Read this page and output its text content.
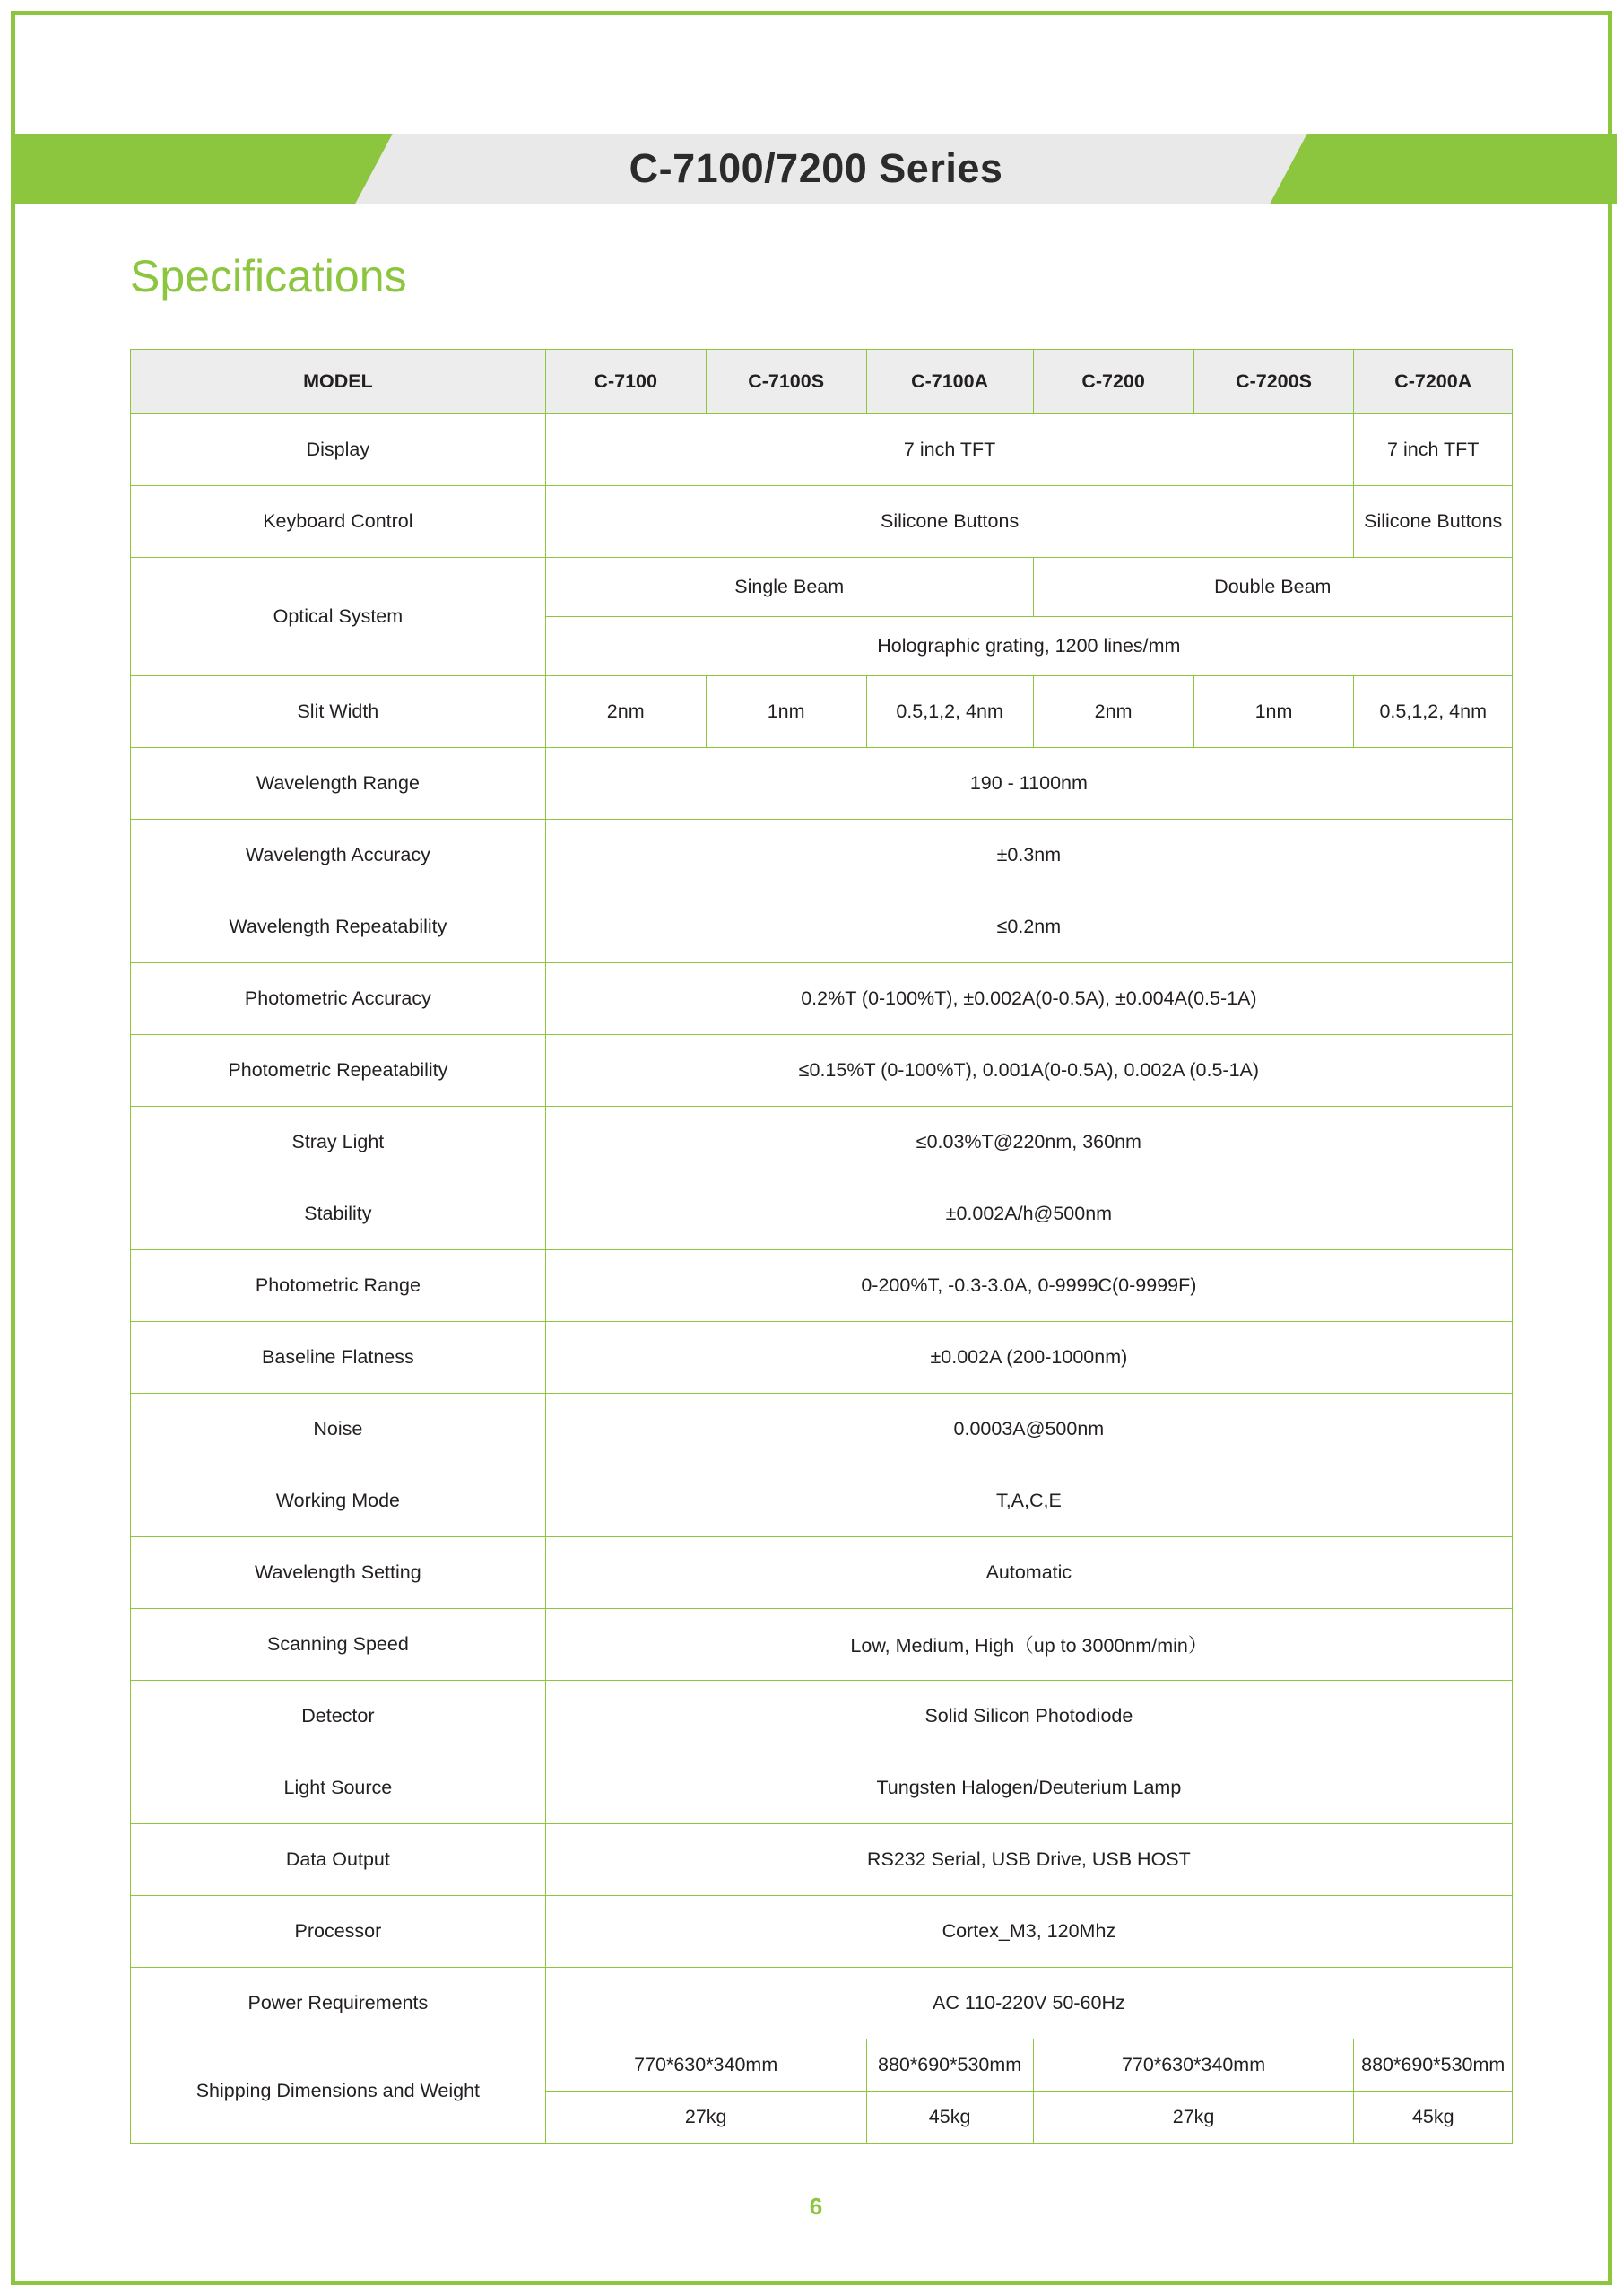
C-7100/7200 Series
Specifications
MODEL	C-7100	C-7100S	C-7100A	C-7200	C-7200S	C-7200A
Display	7 inch TFT					7 inch TFT
Keyboard Control	Silicone Buttons					Silicone Buttons
Optical System	Single Beam			Double Beam		
	Holographic grating, 1200 lines/mm					
Slit Width	2nm	1nm	0.5,1,2, 4nm	2nm	1nm	0.5,1,2, 4nm
Wavelength Range	190 - 1100nm					
Wavelength Accuracy	±0.3nm					
Wavelength Repeatability	≤0.2nm					
Photometric Accuracy	0.2%T (0-100%T), ±0.002A(0-0.5A), ±0.004A(0.5-1A)					
Photometric Repeatability	≤0.15%T (0-100%T), 0.001A(0-0.5A), 0.002A (0.5-1A)					
Stray Light	≤0.03%T@220nm, 360nm					
Stability	±0.002A/h@500nm					
Photometric Range	0-200%T, -0.3-3.0A, 0-9999C(0-9999F)					
Baseline Flatness	±0.002A (200-1000nm)					
Noise	0.0003A@500nm					
Working Mode	T,A,C,E					
Wavelength Setting	Automatic					
Scanning Speed	Low, Medium, High（up to 3000nm/min）					
Detector	Solid Silicon Photodiode					
Light Source	Tungsten Halogen/Deuterium Lamp					
Data Output	RS232 Serial, USB Drive, USB HOST					
Processor	Cortex_M3, 120Mhz					
Power Requirements	AC 110-220V 50-60Hz					
Shipping Dimensions and Weight	770*630*340mm		880*690*530mm	770*630*340mm		880*690*530mm
	27kg		45kg	27kg		45kg
6
